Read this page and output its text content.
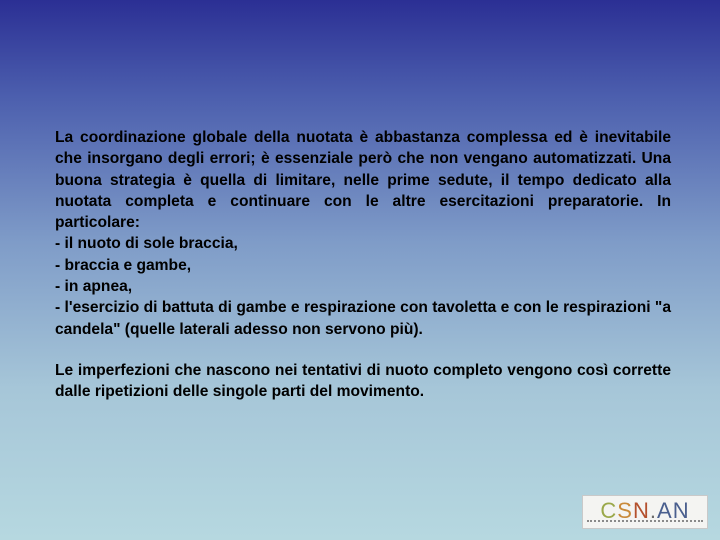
La coordinazione globale della nuotata è abbastanza complessa ed è inevitabile che insorgano degli errori; è essenziale però che non vengano automatizzati. Una buona strategia è quella di limitare, nelle prime sedute, il tempo dedicato alla nuotata completa e continuare con le altre esercitazioni preparatorie. In particolare:

- il nuoto di sole braccia,
- braccia e gambe,
- in apnea,
- l'esercizio di battuta di gambe e respirazione con tavoletta e con le respirazioni "a candela" (quelle laterali adesso non servono più).

Le imperfezioni che nascono nei tentativi di nuoto completo vengono così corrette dalle ripetizioni delle singole parti del movimento.

C S N . A N
